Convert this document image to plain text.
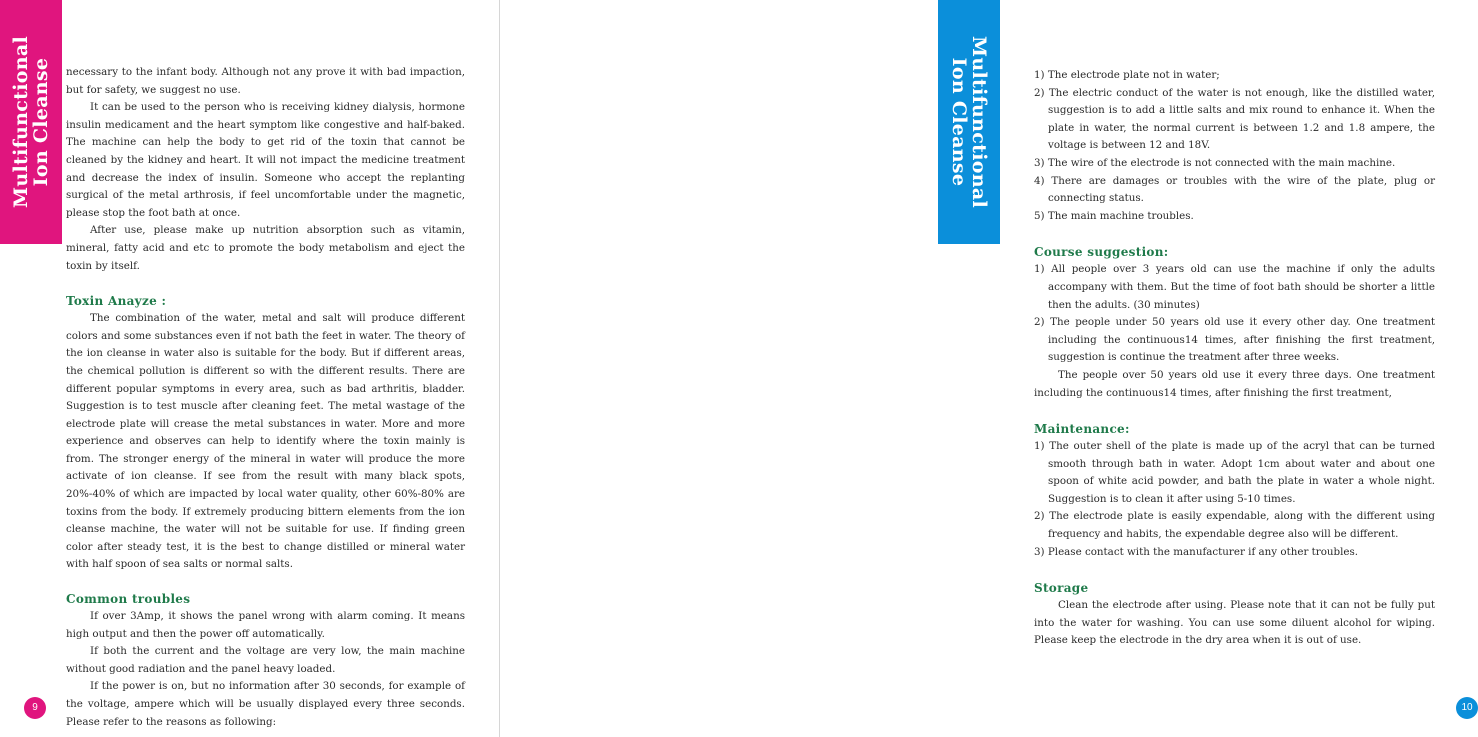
Multifunctional
Ion Cleanse necessary to the infant body. Although not any prove it with bad impaction, but for safety, we suggest no use.

It can be used to the person who is receiving kidney dialysis, hormone insulin medicament and the heart symptom like congestive and half-baked. The machine can help the body to get rid of the toxin that cannot be cleaned by the kidney and heart. It will not impact the medicine treatment and decrease the index of insulin. Someone who accept the replanting surgical of the metal arthrosis, if feel uncomfortable under the magnetic, please stop the foot bath at once.

After use, please make up nutrition absorption such as vitamin, mineral, fatty acid and etc to promote the body metabolism and eject the toxin by itself.

Toxin Anayze :

The combination of the water, metal and salt will produce different colors and some substances even if not bath the feet in water. The theory of the ion cleanse in water also is suitable for the body. But if different areas, the chemical pollution is different so with the different results. There are different popular symptoms in every area, such as bad arthritis, bladder. Suggestion is to test muscle after cleaning feet. The metal wastage of the electrode plate will crease the metal substances in water. More and more experience and observes can help to identify where the toxin mainly is from. The stronger energy of the mineral in water will produce the more activate of ion cleanse. If see from the result with many black spots, 20%-40% of which are impacted by local water quality, other 60%-80% are toxins from the body. If extremely producing bittern elements from the ion cleanse machine, the water will not be suitable for use. If finding green color after steady test, it is the best to change distilled or mineral water with half spoon of sea salts or normal salts.

Common troubles

If over 3Amp, it shows the panel wrong with alarm coming. It means high output and then the power off automatically.

If both the current and the voltage are very low, the main machine without good radiation and the panel heavy loaded.

If the power is on, but no information after 30 seconds, for example of the voltage, ampere which will be usually displayed every three seconds. Please refer to the reasons as following:

9

1) The electrode plate not in water;

2) The electric conduct of the water is not enough, like the distilled water, suggestion is to add a little salts and mix round to enhance it. When the plate in water, the normal current is between 1.2 and 1.8 ampere, the voltage is between 12 and 18V.

3) The wire of the electrode is not connected with the main machine.

4) There are damages or troubles with the wire of the plate, plug or connecting status.

5) The main machine troubles.

Course suggestion:

1) All people over 3 years old can use the machine if only the adults accompany with them. But the time of foot bath should be shorter a little then the adults. (30 minutes)

2) The people under 50 years old use it every other day. One treatment including the continuous14 times, after finishing the first treatment, suggestion is continue the treatment after three weeks.

The people over 50 years old use it every three days. One treatment including the continuous14 times, after finishing the first treatment,

Maintenance:

1) The outer shell of the plate is made up of the acryl that can be turned smooth through bath in water. Adopt 1cm about water and about one spoon of white acid powder, and bath the plate in water a whole night. Suggestion is to clean it after using 5-10 times.

2) The electrode plate is easily expendable, along with the different using frequency and habits, the expendable degree also will be different.

3) Please contact with the manufacturer if any other troubles.

Storage

Clean the electrode after using. Please note that it can not be fully put into the water for washing. You can use some diluent alcohol for wiping. Please keep the electrode in the dry area when it is out of use.

10
Multifunctional
Ion Cleanse
